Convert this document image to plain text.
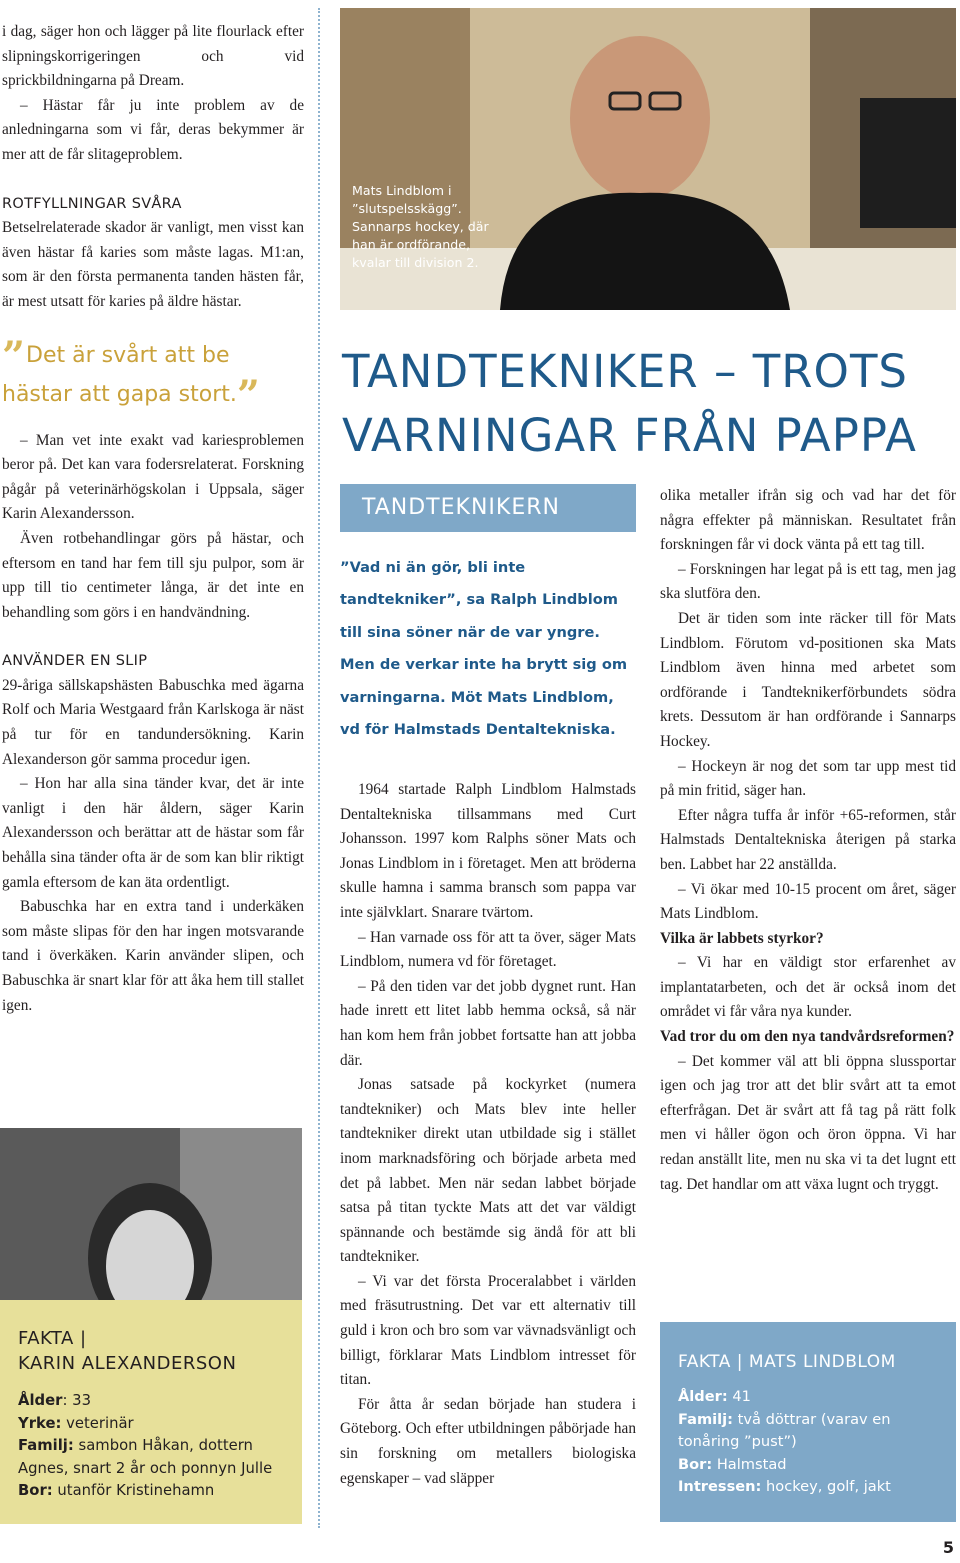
i dag, säger hon och lägger på lite flourlack efter slipningskorrigeringen och vid sprickbildningarna på Dream.

– Hästar får ju inte problem av de anledningarna som vi får, deras bekymmer är mer att de får slitageproblem.

ROTFYLLNINGAR SVÅRA

Betselrelaterade skador är vanligt, men visst kan även hästar få karies som måste lagas. M1:an, som är den första permanenta tanden hästen får, är mest utsatt för karies på äldre hästar.

” Det är svårt att be hästar att gapa stort.”

– Man vet inte exakt vad kariesproblemen beror på. Det kan vara fodersrelaterat. Forskning pågår på veterinärhögskolan i Uppsala, säger Karin Alexandersson.

Även rotbehandlingar görs på hästar, och eftersom en tand har fem till sju pulpor, som är upp till tio centimeter långa, är det inte en behandling som görs i en handvändning.

ANVÄNDER EN SLIP

29-åriga sällskapshästen Babuschka med ägarna Rolf och Maria Westgaard från Karlskoga är näst på tur för en tandundersökning. Karin Alexanderson gör samma procedur igen.

– Hon har alla sina tänder kvar, det är inte vanligt i den här åldern, säger Karin Alexandersson och berättar att de hästar som får behålla sina tänder ofta är de som kan blir riktigt gamla eftersom de kan äta ordentligt.

Babuschka har en extra tand i underkäken som måste slipas för den har ingen motsvarande tand i överkäken. Karin använder slipen, och Babuschka är snart klar för att åka hem till stallet igen.

FAKTA |
KARIN ALEXANDERSON
Ålder: 33
Yrke: veterinär
Familj: sambon Håkan, dottern Agnes, snart 2 år och ponnyn Julle
Bor: utanför Kristinehamn
Mats Lindblom i ”slutspelsskägg”. Sannarps hockey, där han är ordförande, kvalar till division 2.
TANDTEKNIKER – TROTS
VARNINGAR FRÅN PAPPA
TANDTEKNIKERN
”Vad ni än gör, bli inte tandtekniker”, sa Ralph Lindblom till sina söner när de var yngre. Men de verkar inte ha brytt sig om varningarna. Möt Mats Lindblom, vd för Halmstads Dentaltekniska.

1964 startade Ralph Lindblom Halmstads Dentaltekniska tillsammans med Curt Johansson. 1997 kom Ralphs söner Mats och Jonas Lindblom in i företaget. Men att bröderna skulle hamna i samma bransch som pappa var inte självklart. Snarare tvärtom.

– Han varnade oss för att ta över, säger Mats Lindblom, numera vd för företaget.

– På den tiden var det jobb dygnet runt. Han hade inrett ett litet labb hemma också, så när han kom hem från jobbet fortsatte han att jobba där.

Jonas satsade på kockyrket (numera tandtekniker) och Mats blev inte heller tandtekniker direkt utan utbildade sig i stället inom marknadsföring och började arbeta med det på labbet. Men när sedan labbet började satsa på titan tyckte Mats att det var väldigt spännande och bestämde sig ändå för att bli tandtekniker.

– Vi var det första Proceralabbet i världen med fräsutrustning. Det var ett alternativ till guld i kron och bro som var vävnadsvänligt och billigt, förklarar Mats Lindblom intresset för titan.

För åtta år sedan började han studera i Göteborg. Och efter utbildningen påbörjade han sin forskning om metallers biologiska egenskaper – vad släpper

olika metaller ifrån sig och vad har det för några effekter på människan. Resultatet från forskningen får vi dock vänta på ett tag till.

– Forskningen har legat på is ett tag, men jag ska slutföra den.

Det är tiden som inte räcker till för Mats Lindblom. Förutom vd-positionen ska Mats Lindblom även hinna med arbetet som ordförande i Tandteknikerförbundets södra krets. Dessutom är han ordförande i Sannarps Hockey.

– Hockeyn är nog det som tar upp mest tid på min fritid, säger han.

Efter några tuffa år inför +65-reformen, står Halmstads Dentaltekniska återigen på starka ben. Labbet har 22 anställda.

– Vi ökar med 10-15 procent om året, säger Mats Lindblom.

Vilka är labbets styrkor?

– Vi har en väldigt stor erfarenhet av implantatarbeten, och det är också inom det området vi får våra nya kunder.

Vad tror du om den nya tandvårdsreformen?

– Det kommer väl att bli öppna slussportar igen och jag tror att det blir svårt att ta emot efterfrågan. Det är svårt att få tag på rätt folk men vi håller ögon och öron öppna. Vi har redan anställt lite, men nu ska vi ta det lugnt ett tag. Det handlar om att växa lugnt och tryggt.

FAKTA | MATS LINDBLOM
Ålder: 41
Familj: två döttrar (varav en tonåring ”pust”)
Bor: Halmstad
Intressen: hockey, golf, jakt
5
